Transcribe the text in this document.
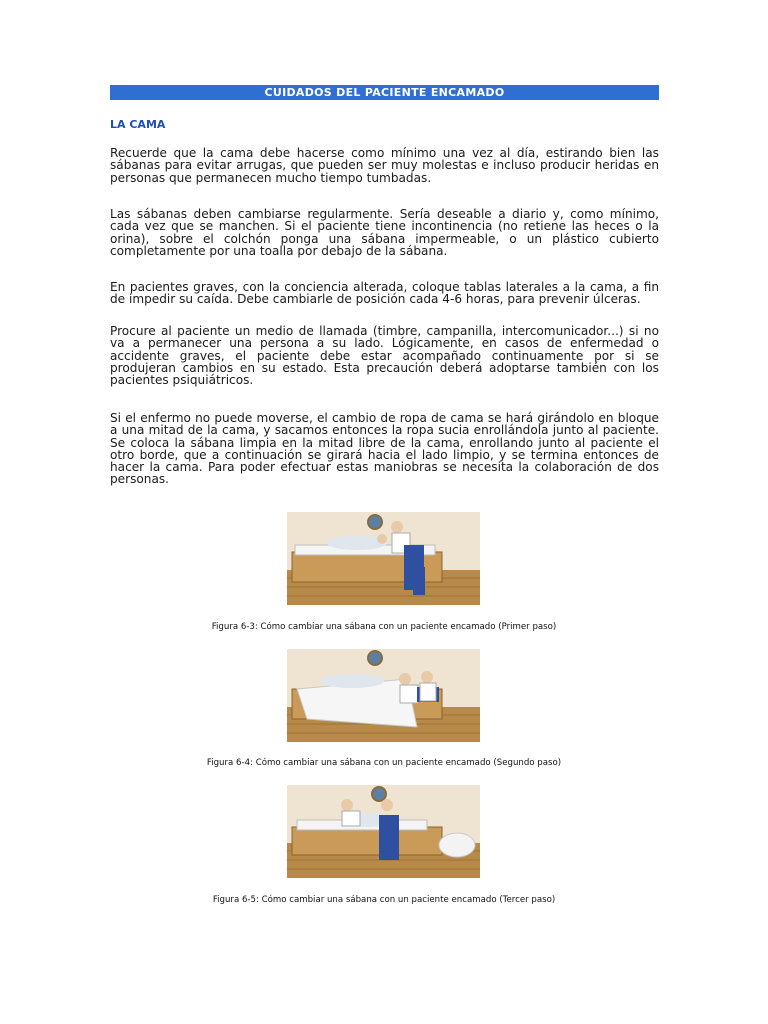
CUIDADOS DEL PACIENTE ENCAMADO
LA CAMA

Recuerde que la cama debe hacerse como mínimo una vez al día, estirando bien las sábanas para evitar arrugas, que pueden ser muy molestas e incluso producir heridas en personas que permanecen mucho tiempo tumbadas.

Las sábanas deben cambiarse regularmente. Sería deseable a diario y, como mínimo, cada vez que se manchen. Si el paciente tiene incontinencia (no retiene las heces o la orina), sobre el colchón ponga una sábana impermeable, o un plástico cubierto completamente por una toalla por debajo de la sábana.

En pacientes graves, con la conciencia alterada, coloque tablas laterales a la cama, a fin de impedir su caída. Debe cambiarle de posición cada 4-6 horas, para prevenir úlceras.

Procure al paciente un medio de llamada (timbre, campanilla, intercomunicador...) si no va a permanecer una persona a su lado. Lógicamente, en casos de enfermedad o accidente graves, el paciente debe estar acompañado continuamente por si se produjeran cambios en su estado. Esta precaución deberá adoptarse también con los pacientes psiquiátricos.

Si el enfermo no puede moverse, el cambio de ropa de cama se hará girándolo en bloque a una mitad de la cama, y sacamos entonces la ropa sucia enrollándola junto al paciente. Se coloca la sábana limpia en la mitad libre de la cama, enrollando junto al paciente el otro borde, que a continuación se girará hacia el lado limpio, y se termina entonces de hacer la cama. Para poder efectuar estas maniobras se necesita la colaboración de dos personas.

Figura 6-3: Cómo cambiar una sábana con un paciente encamado (Primer paso)
Figura 6-4: Cómo cambiar una sábana con un paciente encamado (Segundo paso)
Figura 6-5: Cómo cambiar una sábana con un paciente encamado (Tercer paso)
